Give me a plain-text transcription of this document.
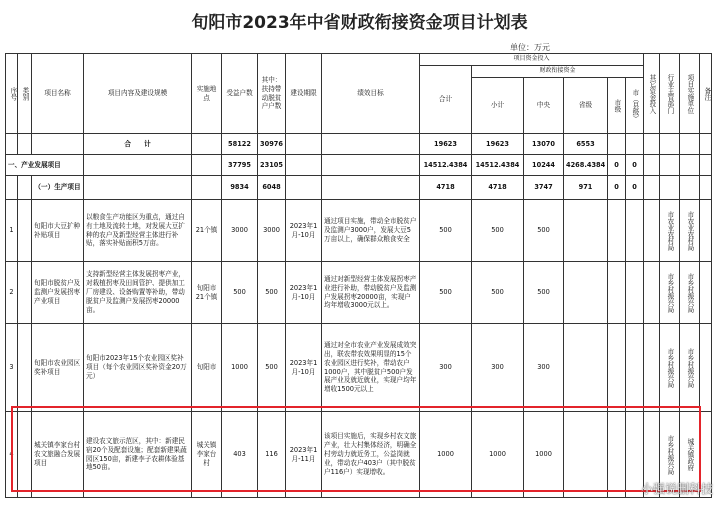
旬阳市2023年中省财政衔接资金项目计划表
单位：万元
序号	类别	项目名称	项目内容及建设规模	实施地点	受益户数	其中：扶持带动脱贫户户数	建设期限	绩效目标	项目资金投入						其它资金投入	行业主管部门	项目实施单位	备注

									合计	财政衔接资金								
										小计	中央	省级	市级	市（县级）				

			合　　计		58122	30976			19623	19623	13070	6553						
一、产业发展项目					37795	23105			14512.4384	14512.4384	10244	4268.4384	0	0				
		（一）生产项目			9834	6048			4718	4718	3747	971	0	0				
1		旬阳市大豆扩种补贴项目	以粮食生产功能区为重点，通过自有土地及流转土地，对发展大豆扩种的农户及新型经营主体进行补贴，落实补贴面积5万亩。	21个镇	3000	3000	2023年1月-10月	通过项目实施，带动全市脱贫户及监测户3000户，发展大豆5万亩以上，确保群众粮食安全	500	500	500					市农业农村局	市农业农村局	

2		旬阳市脱贫户及监测户发展拐枣产业项目	支持新型经营主体发展拐枣产业，对栽植拐枣及田间管护、提供加工厂房建设、设备购置等补助，带动脱贫户及监测户发展拐枣20000亩。	旬阳市21个镇	500	500	2023年1月-10月	通过对新型经营主体发展拐枣产业进行补助，带动脱贫户及监测户发展拐枣20000亩，实现户均年增收3000元以上。	500	500	500					市乡村振兴局	市乡村振兴局	

3		旬阳市农业园区奖补项目	旬阳市2023年15个农业园区奖补项目（每个农业园区奖补资金20万元）	旬阳市	1000	500	2023年1月-10月	通过对全市农业产业发展成效突出，联农带农效果明显的15个农业园区进行奖补，带动农户1000户，其中脱贫户500户发展产业及就近就业，实现户均年增收1500元以上	300	300	300					市乡村振兴局	市乡村振兴局	

4		城关镇李家台村农文旅融合发展项目	建设农文旅示范区，其中：新建民宿20个及配套设施；配套新建果蔬园区150亩，新建李子农耕体验基地50亩。	城关镇李家台村	403	116	2023年1月-11月	该项目实施后，实现乡村农文旅产业，壮大村集体经济，明确全村旁动力就近务工，公益岗就业，带动农户403户（其中脱贫户116户）实现增收。	1000	1000	1000					市乡村振兴局	城关镇政府	

小强说删科技
